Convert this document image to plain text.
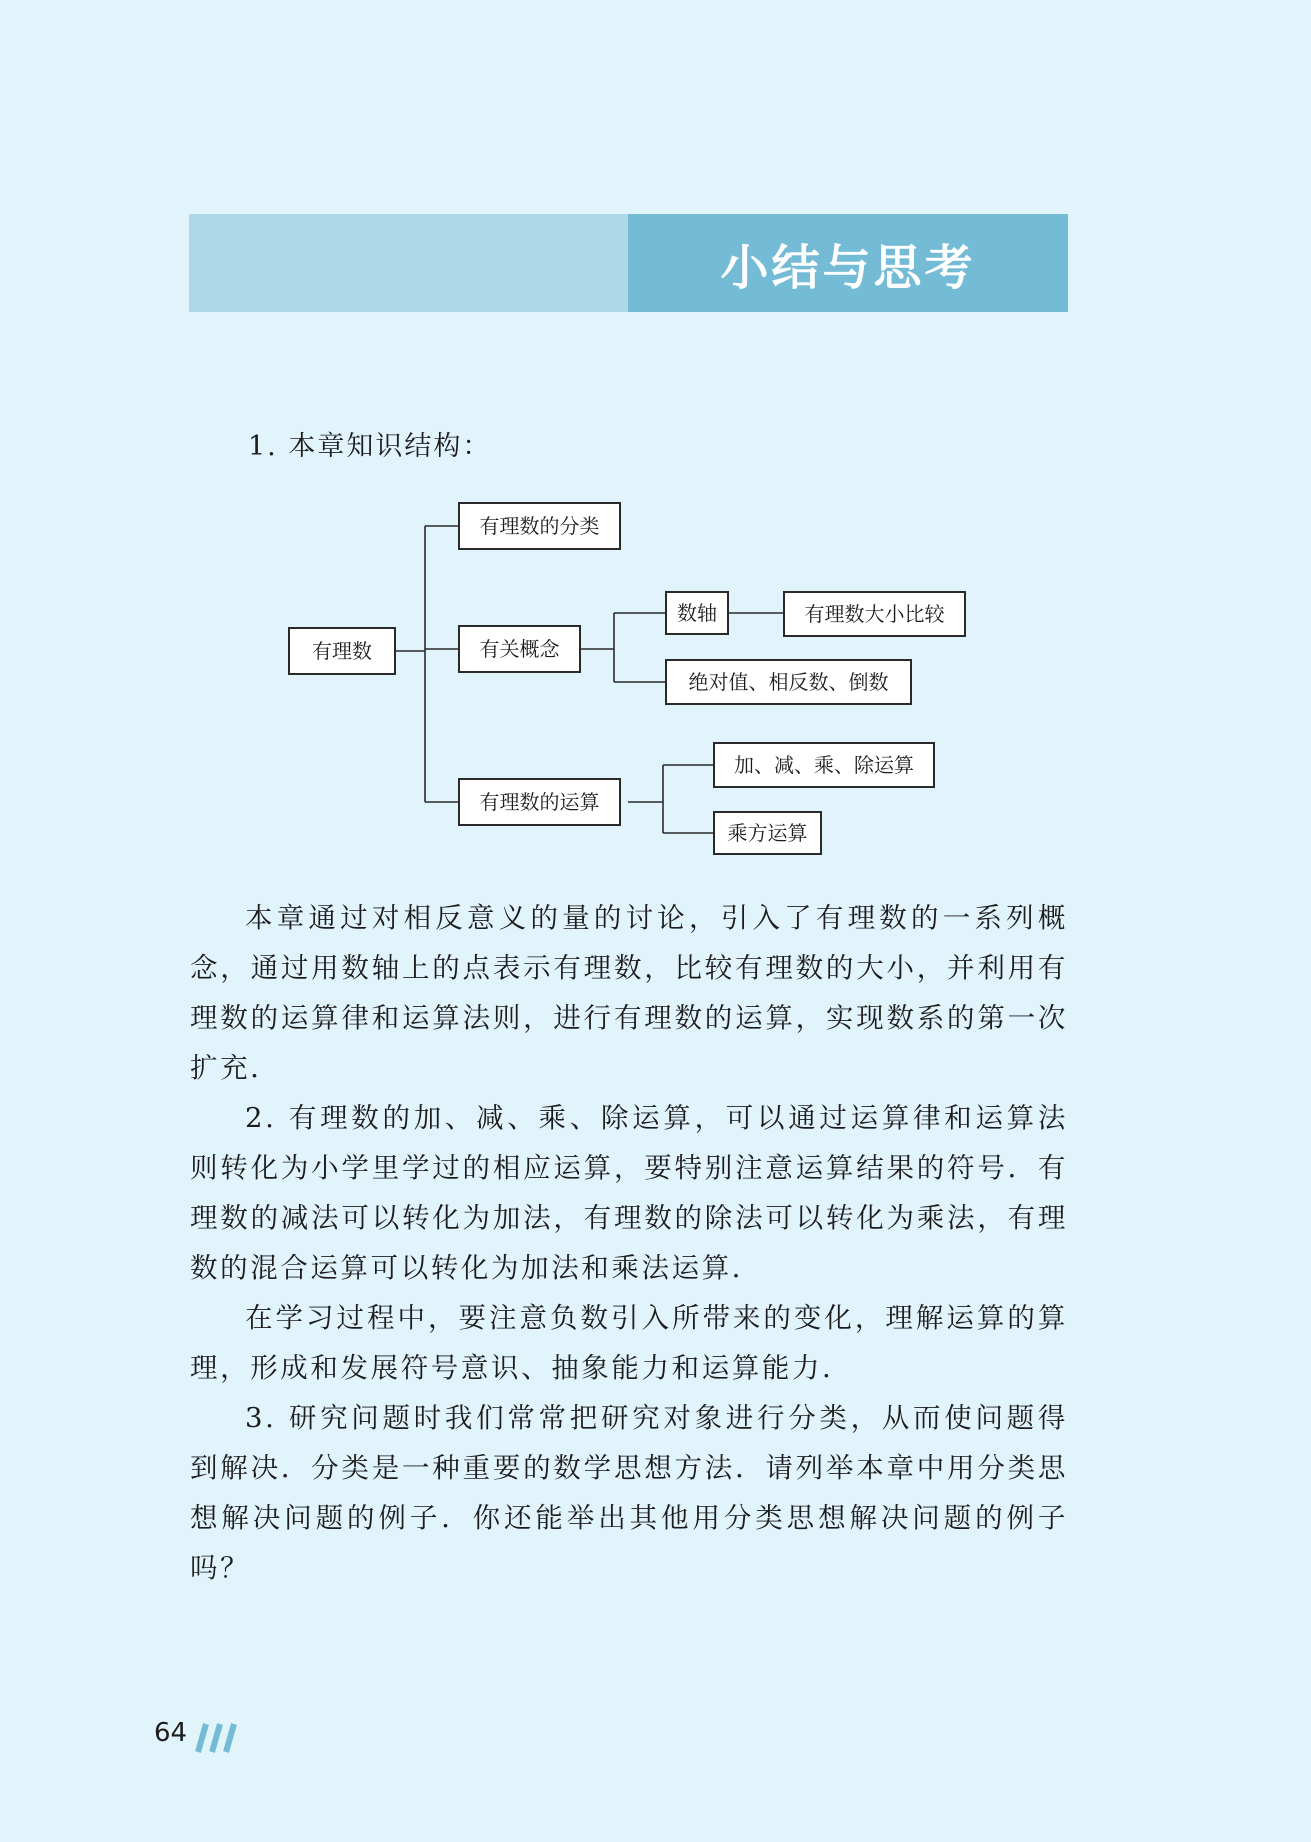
小结与思考
1. 本章知识结构：
有理数
有理数的分类
有关概念
有理数的运算
数轴	有理数大小比较
绝对值、相反数、倒数
加、减、乘、除运算
乘方运算

本章通过对相反意义的量的讨论，引入了有理数的一系列概念，通过用数轴上的点表示有理数，比较有理数的大小，并利用有理数的运算律和运算法则，进行有理数的运算，实现数系的第一次扩充．

2. 有理数的加、减、乘、除运算，可以通过运算律和运算法则转化为小学里学过的相应运算，要特别注意运算结果的符号．有理数的减法可以转化为加法，有理数的除法可以转化为乘法，有理数的混合运算可以转化为加法和乘法运算．

在学习过程中，要注意负数引入所带来的变化，理解运算的算理，形成和发展符号意识、抽象能力和运算能力．

3. 研究问题时我们常常把研究对象进行分类，从而使问题得到解决．分类是一种重要的数学思想方法．请列举本章中用分类思想解决问题的例子．你还能举出其他用分类思想解决问题的例子吗？

64
